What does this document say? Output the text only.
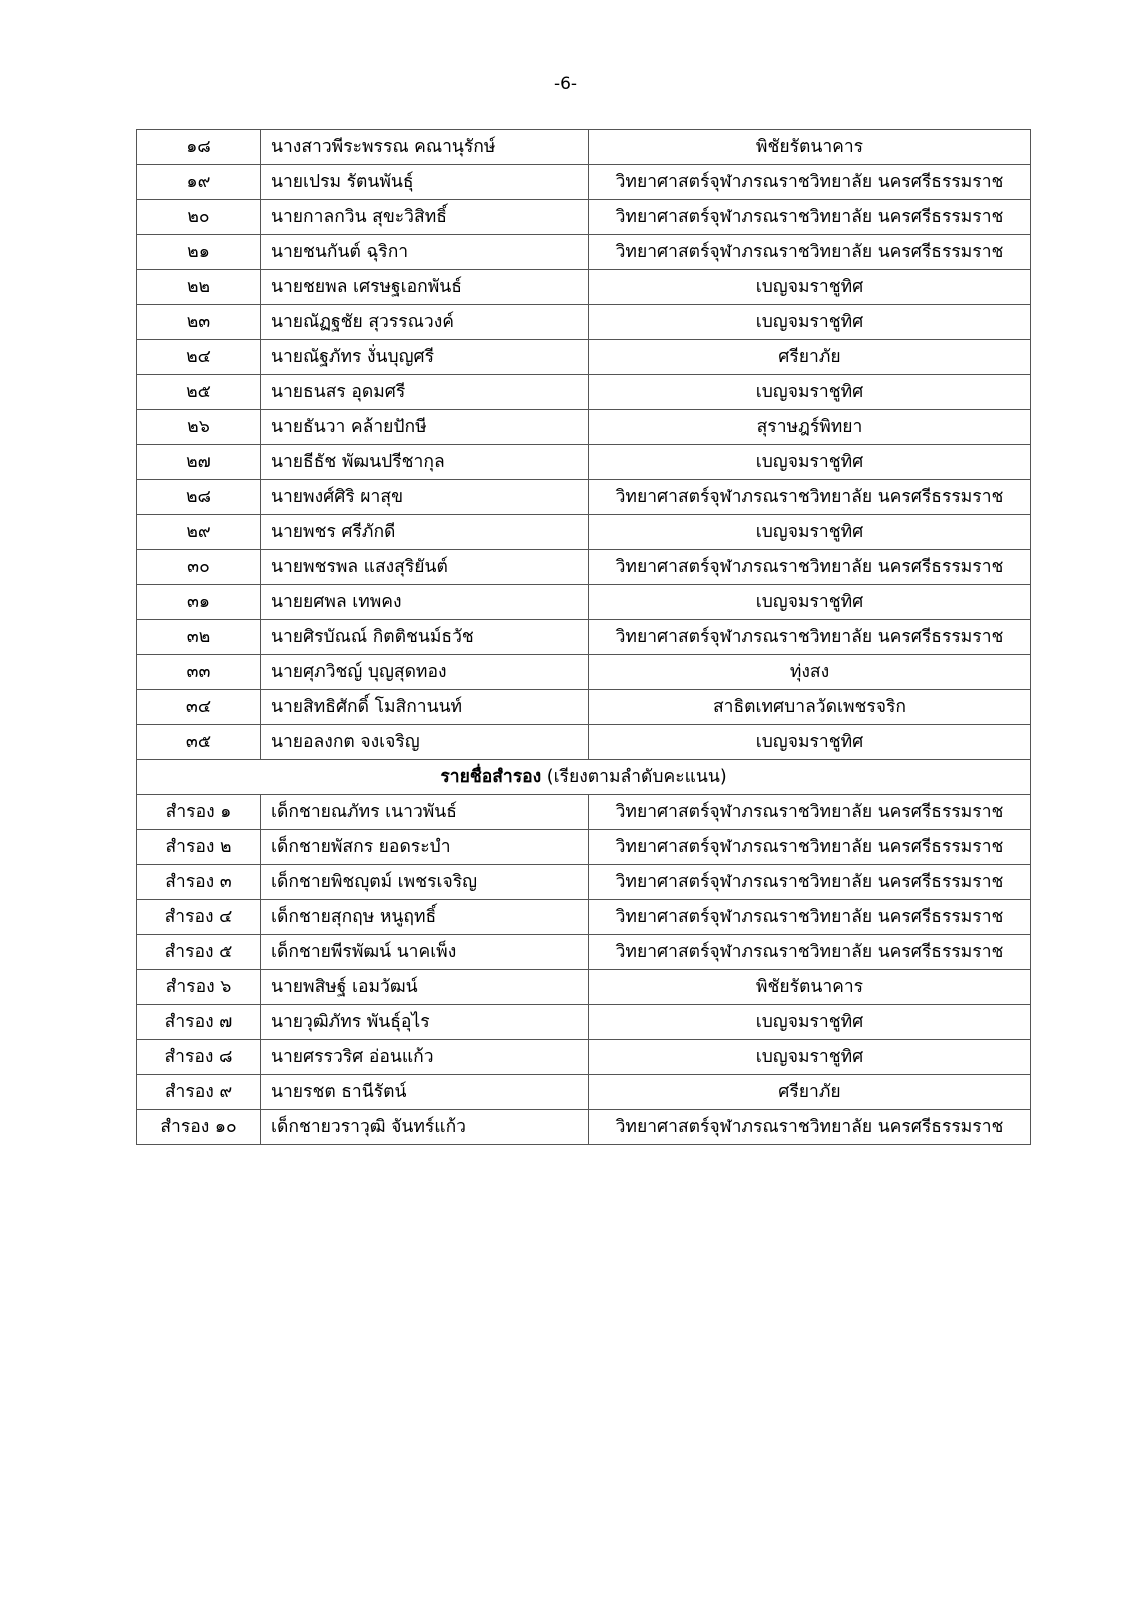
-6-
๑๘	นางสาวพีระพรรณ คณานุรักษ์	พิชัยรัตนาคาร
๑๙	นายเปรม รัตนพันธุ์	วิทยาศาสตร์จุฬาภรณราชวิทยาลัย นครศรีธรรมราช
๒๐	นายกาลกวิน สุขะวิสิทธิ์	วิทยาศาสตร์จุฬาภรณราชวิทยาลัย นครศรีธรรมราช
๒๑	นายชนกันต์ ฉุริกา	วิทยาศาสตร์จุฬาภรณราชวิทยาลัย นครศรีธรรมราช
๒๒	นายชยพล เศรษฐเอกพันธ์	เบญจมราชูทิศ
๒๓	นายณัฏฐชัย สุวรรณวงค์	เบญจมราชูทิศ
๒๔	นายณัฐภัทร งั่นบุญศรี	ศรียาภัย
๒๕	นายธนสร อุดมศรี	เบญจมราชูทิศ
๒๖	นายธันวา คล้ายปักษี	สุราษฎร์พิทยา
๒๗	นายธีธัช พัฒนปรีชากุล	เบญจมราชูทิศ
๒๘	นายพงศ์ศิริ ผาสุข	วิทยาศาสตร์จุฬาภรณราชวิทยาลัย นครศรีธรรมราช
๒๙	นายพชร ศรีภักดี	เบญจมราชูทิศ
๓๐	นายพชรพล แสงสุริยันต์	วิทยาศาสตร์จุฬาภรณราชวิทยาลัย นครศรีธรรมราช
๓๑	นายยศพล เทพคง	เบญจมราชูทิศ
๓๒	นายศิรบัณณ์ กิตติชนม์ธวัช	วิทยาศาสตร์จุฬาภรณราชวิทยาลัย นครศรีธรรมราช
๓๓	นายศุภวิชญ์ บุญสุดทอง	ทุ่งสง
๓๔	นายสิทธิศักดิ์ โมสิกานนท์	สาธิตเทศบาลวัดเพชรจริก
๓๕	นายอลงกต จงเจริญ	เบญจมราชูทิศ
รายชื่อสำรอง (เรียงตามลำดับคะแนน)		
สำรอง ๑	เด็กชายณภัทร เนาวพันธ์	วิทยาศาสตร์จุฬาภรณราชวิทยาลัย นครศรีธรรมราช
สำรอง ๒	เด็กชายพัสกร ยอดระบำ	วิทยาศาสตร์จุฬาภรณราชวิทยาลัย นครศรีธรรมราช
สำรอง ๓	เด็กชายพิชญุตม์ เพชรเจริญ	วิทยาศาสตร์จุฬาภรณราชวิทยาลัย นครศรีธรรมราช
สำรอง ๔	เด็กชายสุกฤษ หนูฤทธิ์	วิทยาศาสตร์จุฬาภรณราชวิทยาลัย นครศรีธรรมราช
สำรอง ๕	เด็กชายพีรพัฒน์ นาคเพ็ง	วิทยาศาสตร์จุฬาภรณราชวิทยาลัย นครศรีธรรมราช
สำรอง ๖	นายพสิษฐ์ เอมวัฒน์	พิชัยรัตนาคาร
สำรอง ๗	นายวุฒิภัทร พันธุ์อุไร	เบญจมราชูทิศ
สำรอง ๘	นายศรรวริศ อ่อนแก้ว	เบญจมราชูทิศ
สำรอง ๙	นายรชต ธานีรัตน์	ศรียาภัย
สำรอง ๑๐	เด็กชายวราวุฒิ จันทร์แก้ว	วิทยาศาสตร์จุฬาภรณราชวิทยาลัย นครศรีธรรมราช
